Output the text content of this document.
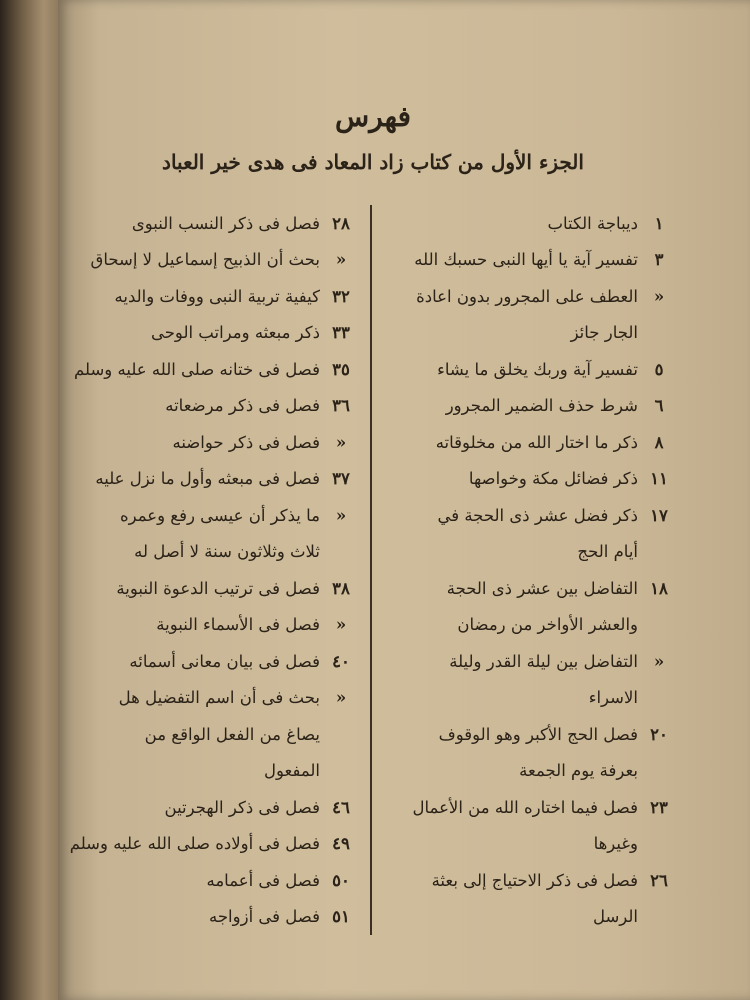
فهرس
الجزء الأول من كتاب زاد المعاد فى هدى خير العباد
١
ديباجة الكتاب
٣
تفسير آية يا أيها النبى حسبك الله
«
العطف على المجرور بدون اعادة
الجار جائز
٥
تفسير آية وربك يخلق ما يشاء
٦
شرط حذف الضمير المجرور
٨
ذكر ما اختار الله من مخلوقاته
١١
ذكر فضائل مكة وخواصها
١٧
ذكر فضل عشر ذى الحجة في
أيام الحج
١٨
التفاضل بين عشر ذى الحجة
والعشر الأواخر من رمضان
«
التفاضل بين ليلة القدر وليلة
الاسراء
٢٠
فصل الحج الأكبر وهو الوقوف
بعرفة يوم الجمعة
٢٣
فصل فيما اختاره الله من الأعمال
وغيرها
٢٦
فصل فى ذكر الاحتياج إلى بعثة
الرسل
٢٨
فصل فى ذكر النسب النبوى
«
بحث أن الذبيح إسماعيل لا إسحاق
٣٢
كيفية تربية النبى ووفات والديه
٣٣
ذكر مبعثه ومراتب الوحى
٣٥
فصل فى ختانه صلى الله عليه وسلم
٣٦
فصل فى ذكر مرضعاته
«
فصل فى ذكر حواضنه
٣٧
فصل فى مبعثه وأول ما نزل عليه
«
ما يذكر أن عيسى رفع وعمره
ثلاث وثلاثون سنة لا أصل له
٣٨
فصل فى ترتيب الدعوة النبوية
«
فصل فى الأسماء النبوية
٤٠
فصل فى بيان معانى أسمائه
«
بحث فى أن اسم التفضيل هل
يصاغ من الفعل الواقع من
المفعول
٤٦
فصل فى ذكر الهجرتين
٤٩
فصل فى أولاده صلى الله عليه وسلم
٥٠
فصل فى أعمامه
٥١
فصل فى أزواجه
